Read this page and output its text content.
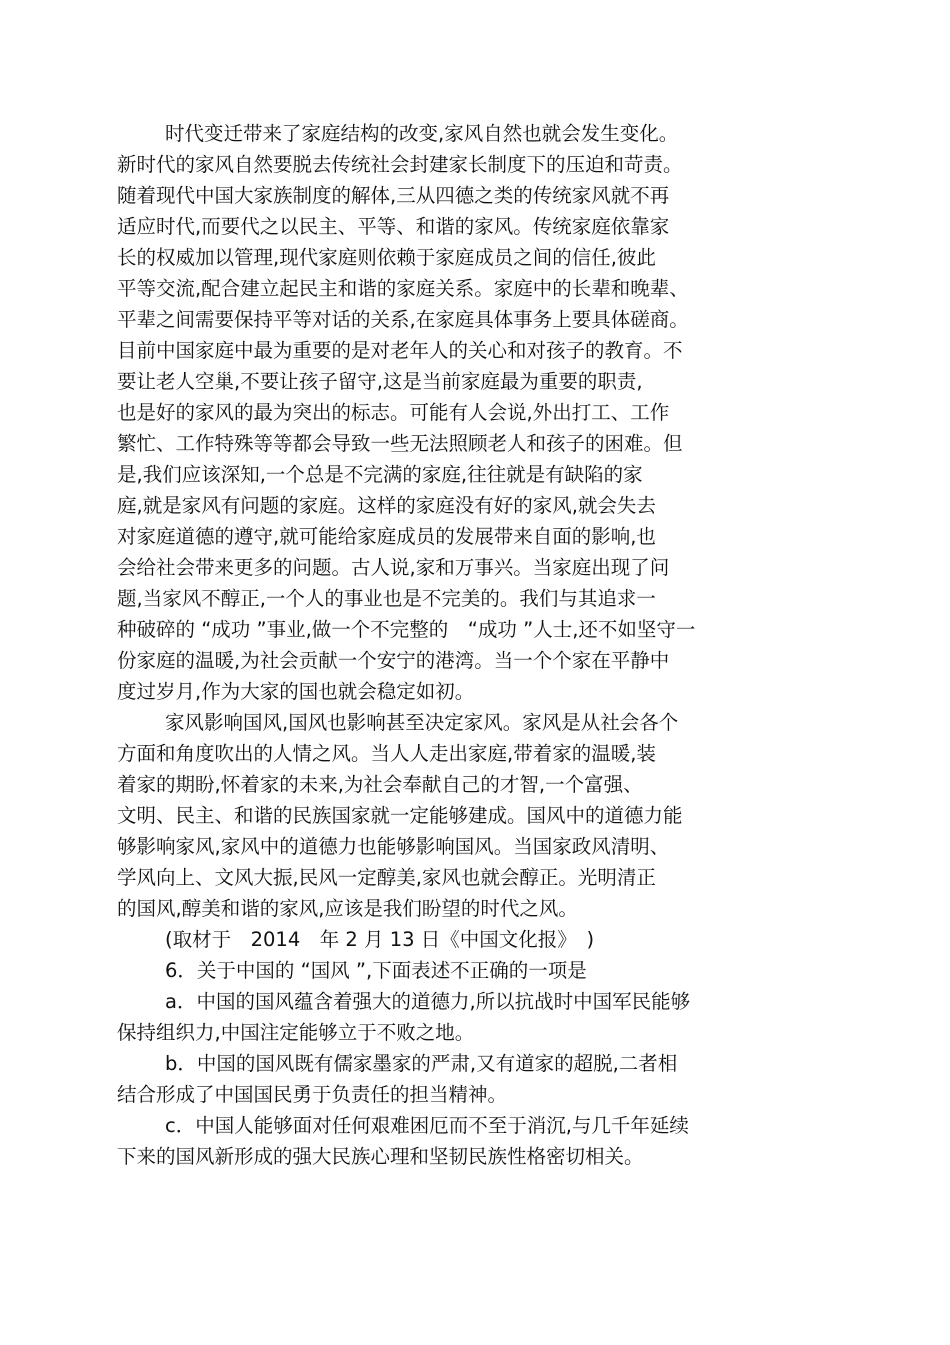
时代变迁带来了家庭结构的改变,家风自然也就会发生变化。
新时代的家风自然要脱去传统社会封建家长制度下的压迫和苛责。
随着现代中国大家族制度的解体,三从四德之类的传统家风就不再
适应时代,而要代之以民主、平等、和谐的家风。传统家庭依靠家
长的权威加以管理,现代家庭则依赖于家庭成员之间的信任,彼此
平等交流,配合建立起民主和谐的家庭关系。家庭中的长辈和晚辈、
平辈之间需要保持平等对话的关系,在家庭具体事务上要具体磋商。
目前中国家庭中最为重要的是对老年人的关心和对孩子的教育。不
要让老人空巢,不要让孩子留守,这是当前家庭最为重要的职责,
也是好的家风的最为突出的标志。可能有人会说,外出打工、工作
繁忙、工作特殊等等都会导致一些无法照顾老人和孩子的困难。但
是,我们应该深知,一个总是不完满的家庭,往往就是有缺陷的家
庭,就是家风有问题的家庭。这样的家庭没有好的家风,就会失去
对家庭道德的遵守,就可能给家庭成员的发展带来自面的影响,也
会给社会带来更多的问题。古人说,家和万事兴。当家庭出现了问
题,当家风不醇正,一个人的事业也是不完美的。我们与其追求一
种破碎的 “成功 ”事业,做一个不完整的　“成功 ”人士,还不如坚守一
份家庭的温暖,为社会贡献一个安宁的港湾。当一个个家在平静中
度过岁月,作为大家的国也就会稳定如初。
家风影响国风,国风也影响甚至决定家风。家风是从社会各个
方面和角度吹出的人情之风。当人人走出家庭,带着家的温暖,装
着家的期盼,怀着家的未来,为社会奉献自己的才智,一个富强、
文明、民主、和谐的民族国家就一定能够建成。国风中的道德力能
够影响家风,家风中的道德力也能够影响国风。当国家政风清明、
学风向上、文风大振,民风一定醇美,家风也就会醇正。光明清正
的国风,醇美和谐的家风,应该是我们盼望的时代之风。
(取材于　2014　年 2 月 13 日《中国文化报》　)
6．关于中国的 “国风 ”,下面表述不正确的一项是
a．中国的国风蕴含着强大的道德力,所以抗战时中国军民能够
保持组织力,中国注定能够立于不败之地。
b．中国的国风既有儒家墨家的严肃,又有道家的超脱,二者相
结合形成了中国国民勇于负责任的担当精神。
c．中国人能够面对任何艰难困厄而不至于消沉,与几千年延续
下来的国风新形成的强大民族心理和坚韧民族性格密切相关。
